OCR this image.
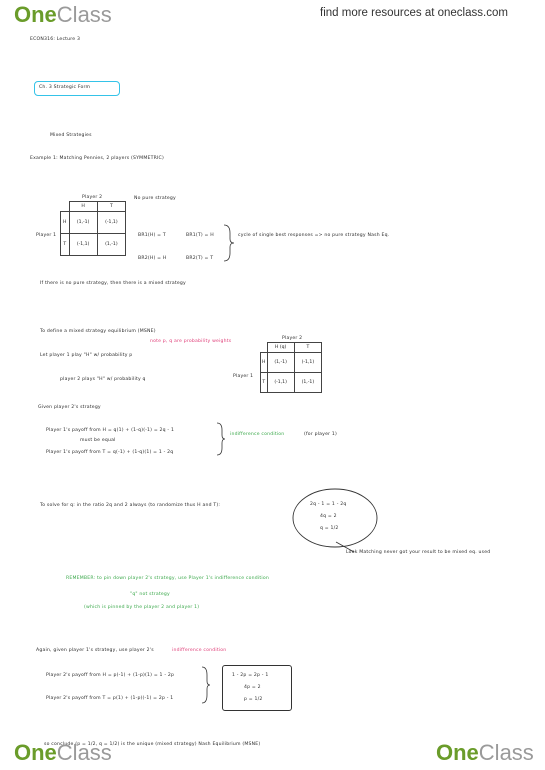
OneClass	find more resources at oneclass.com
ECON316: Lecture 3
Ch. 3 Strategic Form
Mixed Strategies
Example 1: Matching Pennies, 2 players (SYMMETRIC)
Player 2
Player 1
	H	T
H	(1,-1)	(-1,1)
T	(-1,1)	(1,-1)
No pure strategy
BR1(H) = T	BR1(T) = H
BR2(H) = H	BR2(T) = T
cycle of single best responses => no pure strategy Nash Eq.
If there is no pure strategy, then there is a mixed strategy
To define a mixed strategy equilibrium (MSNE)
note p, q are probability weights
Let player 1 play "H" w/ probability p
player 2 plays "H" w/ probability q
Player 2
Player 1
	H (q)	T
H	(1,-1)	(-1,1)
T	(-1,1)	(1,-1)
Given player 2's strategy
Player 1's payoff from H = q(1) + (1-q)(-1) = 2q - 1
must be equal
Player 1's payoff from T = q(-1) + (1-q)(1) = 1 - 2q
indifference condition	(for player 1)
To solve for q: in the ratio 2q and 2 always (to randomize thus H and T):	2q - 1 = 1 - 2q
4q = 2
q = 1/2
Look Matching never got your result to be mixed eq. used
REMEMBER: to pin down player 2's strategy, use Player 1's indifference condition
"q" not strategy
(which is pinned by the player 2 and player 1)
Again, given player 1's strategy, use player 2's	indifference condition
Player 2's payoff from H = p(-1) + (1-p)(1) = 1 - 2p
Player 2's payoff from T = p(1) + (1-p)(-1) = 2p - 1
1 - 2p = 2p - 1
4p = 2
p = 1/2
so conclude (p = 1/2, q = 1/2) is the unique (mixed strategy) Nash Equilibrium (MSNE)
OneClass	OneClass
